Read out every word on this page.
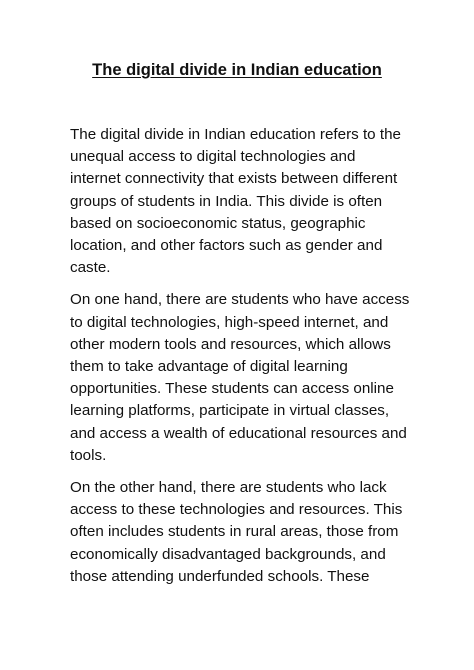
The digital divide in Indian education

The digital divide in Indian education refers to the
unequal access to digital technologies and
internet connectivity that exists between different
groups of students in India. This divide is often
based on socioeconomic status, geographic
location, and other factors such as gender and
caste.

On one hand, there are students who have access
to digital technologies, high-speed internet, and
other modern tools and resources, which allows
them to take advantage of digital learning
opportunities. These students can access online
learning platforms, participate in virtual classes,
and access a wealth of educational resources and
tools.

On the other hand, there are students who lack
access to these technologies and resources. This
often includes students in rural areas, those from
economically disadvantaged backgrounds, and
those attending underfunded schools. These
